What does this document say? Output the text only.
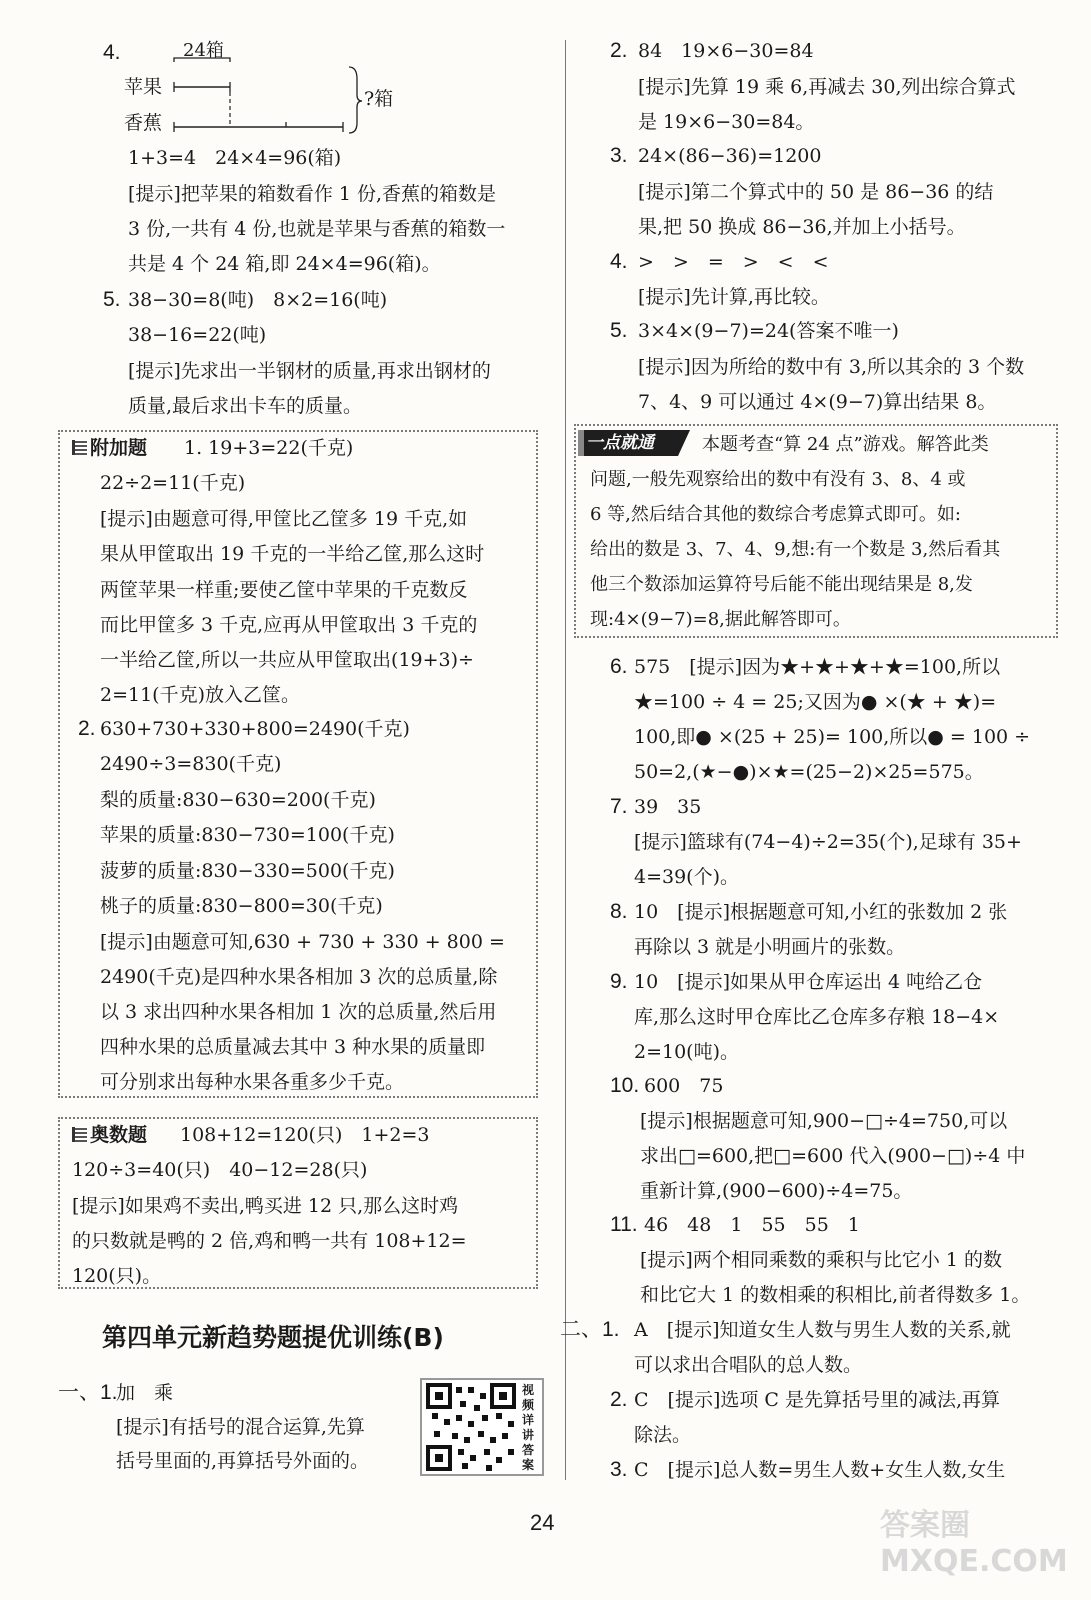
4.	24箱
苹果
香蕉
?箱
1+3=4　24×4=96(箱)
[提示]把苹果的箱数看作 1 份,香蕉的箱数是
3 份,一共有 4 份,也就是苹果与香蕉的箱数一
共是 4 个 24 箱,即 24×4=96(箱)。
5. 38−30=8(吨)　8×2=16(吨)
38−16=22(吨)
[提示]先求出一半钢材的质量,再求出钢材的
质量,最后求出卡车的质量。
附加题 1. 19+3=22(千克)
22÷2=11(千克)
[提示]由题意可得,甲筐比乙筐多 19 千克,如
果从甲筐取出 19 千克的一半给乙筐,那么这时
两筐苹果一样重;要使乙筐中苹果的千克数反
而比甲筐多 3 千克,应再从甲筐取出 3 千克的
一半给乙筐,所以一共应从甲筐取出(19+3)÷
2=11(千克)放入乙筐。
2. 630+730+330+800=2490(千克)
2490÷3=830(千克)
梨的质量:830−630=200(千克)
苹果的质量:830−730=100(千克)
菠萝的质量:830−330=500(千克)
桃子的质量:830−800=30(千克)
[提示]由题意可知,630 + 730 + 330 + 800 =
2490(千克)是四种水果各相加 3 次的总质量,除
以 3 求出四种水果各相加 1 次的总质量,然后用
四种水果的总质量减去其中 3 种水果的质量即
可分别求出每种水果各重多少千克。
奥数题 108+12=120(只)　1+2=3
120÷3=40(只)　40−12=28(只)
[提示]如果鸡不卖出,鸭买进 12 只,那么这时鸡
的只数就是鸭的 2 倍,鸡和鸭一共有 108+12=
120(只)。
第四单元新趋势题提优训练(B)
一、1.
加　乘
[提示]有括号的混合运算,先算
括号里面的,再算括号外面的。
视频详讲答案
2. 84　19×6−30=84
[提示]先算 19 乘 6,再减去 30,列出综合算式
是 19×6−30=84。
3. 24×(86−36)=1200
[提示]第二个算式中的 50 是 86−36 的结
果,把 50 换成 86−36,并加上小括号。
4. >　>　=　>　<　<
[提示]先计算,再比较。
5. 3×4×(9−7)=24(答案不唯一)
[提示]因为所给的数中有 3,所以其余的 3 个数
7、4、9 可以通过 4×(9−7)算出结果 8。
一点就通	本题考查“算 24 点”游戏。解答此类
问题,一般先观察给出的数中有没有 3、8、4 或
6 等,然后结合其他的数综合考虑算式即可。如:
给出的数是 3、7、4、9,想:有一个数是 3,然后看其
他三个数添加运算符号后能不能出现结果是 8,发
现:4×(9−7)=8,据此解答即可。
6. 575　[提示]因为★+★+★+★=100,所以
★=100 ÷ 4 = 25;又因为● ×(★ + ★)=
100,即● ×(25 + 25)= 100,所以● = 100 ÷
50=2,(★−●)×★=(25−2)×25=575。
7. 39　35
[提示]篮球有(74−4)÷2=35(个),足球有 35+
4=39(个)。
8. 10　[提示]根据题意可知,小红的张数加 2 张
再除以 3 就是小明画片的张数。
9. 10　[提示]如果从甲仓库运出 4 吨给乙仓
库,那么这时甲仓库比乙仓库多存粮 18−4×
2=10(吨)。
10. 600　75
[提示]根据题意可知,900−□÷4=750,可以
求出□=600,把□=600 代入(900−□)÷4 中
重新计算,(900−600)÷4=75。
11. 46　48　1　55　55　1
[提示]两个相同乘数的乘积与比它小 1 的数
和比它大 1 的数相乘的积相比,前者得数多 1。
二、1. A　[提示]知道女生人数与男生人数的关系,就
可以求出合唱队的总人数。
2. C　[提示]选项 C 是先算括号里的减法,再算
除法。
3. C　[提示]总人数=男生人数+女生人数,女生
24	答案圈 MXQE.COM
